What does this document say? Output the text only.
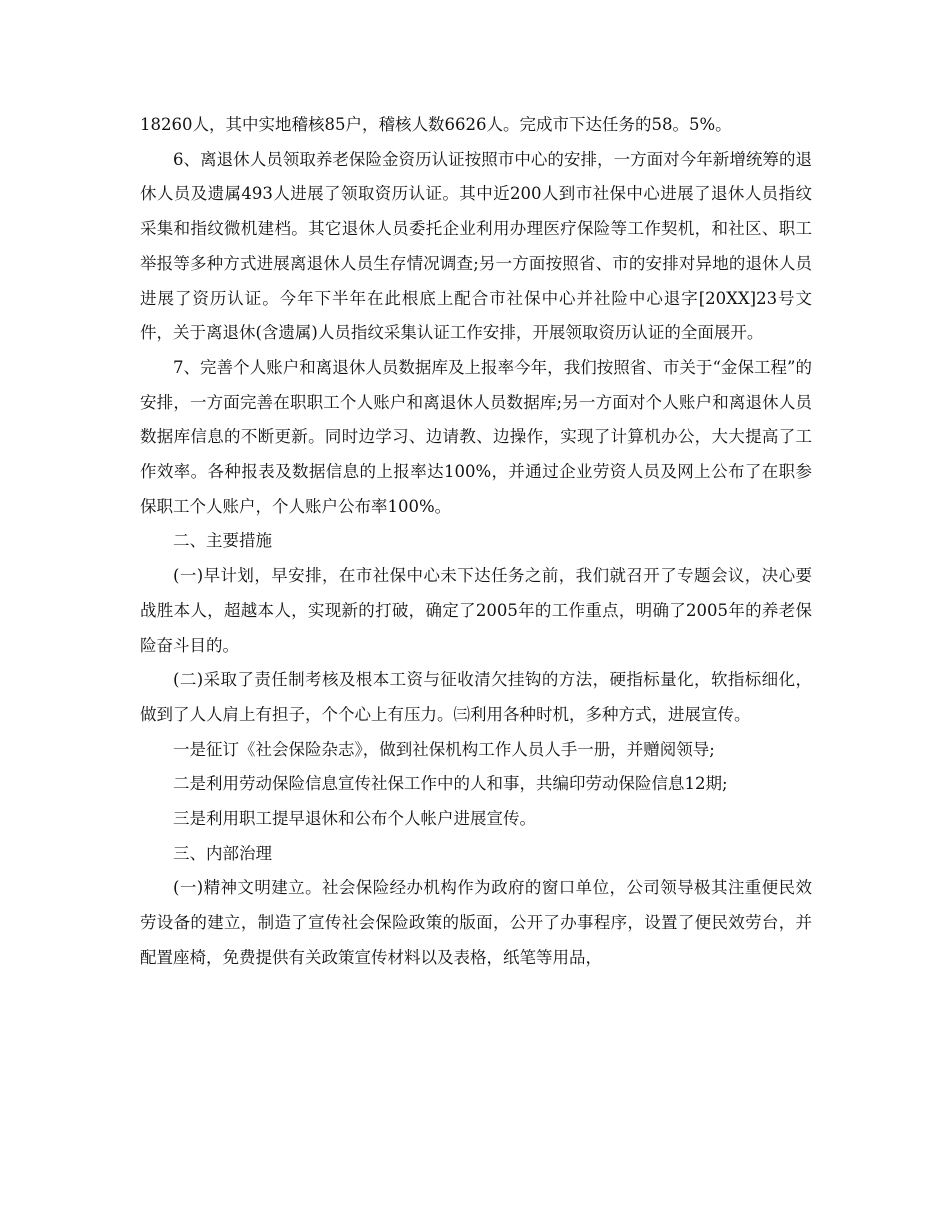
18260人，其中实地稽核85户，稽核人数6626人。完成市下达任务的58。5%。

6、离退休人员领取养老保险金资历认证按照市中心的安排，一方面对今年新增统筹的退休人员及遗属493人进展了领取资历认证。其中近200人到市社保中心进展了退休人员指纹采集和指纹微机建档。其它退休人员委托企业利用办理医疗保险等工作契机，和社区、职工举报等多种方式进展离退休人员生存情况调查;另一方面按照省、市的安排对异地的退休人员进展了资历认证。今年下半年在此根底上配合市社保中心并社险中心退字[20XX]23号文件，关于离退休(含遗属)人员指纹采集认证工作安排，开展领取资历认证的全面展开。

7、完善个人账户和离退休人员数据库及上报率今年，我们按照省、市关于“金保工程”的安排，一方面完善在职职工个人账户和离退休人员数据库;另一方面对个人账户和离退休人员数据库信息的不断更新。同时边学习、边请教、边操作，实现了计算机办公，大大提高了工作效率。各种报表及数据信息的上报率达100%，并通过企业劳资人员及网上公布了在职参保职工个人账户，个人账户公布率100%。

二、主要措施

(一)早计划，早安排，在市社保中心未下达任务之前，我们就召开了专题会议，决心要战胜本人，超越本人，实现新的打破，确定了2005年的工作重点，明确了2005年的养老保险奋斗目的。

(二)采取了责任制考核及根本工资与征收清欠挂钩的方法，硬指标量化，软指标细化，做到了人人肩上有担子，个个心上有压力。㈢利用各种时机，多种方式，进展宣传。

一是征订《社会保险杂志》，做到社保机构工作人员人手一册，并赠阅领导;

二是利用劳动保险信息宣传社保工作中的人和事，共编印劳动保险信息12期;

三是利用职工提早退休和公布个人帐户进展宣传。

三、内部治理

(一)精神文明建立。社会保险经办机构作为政府的窗口单位，公司领导极其注重便民效劳设备的建立，制造了宣传社会保险政策的版面，公开了办事程序，设置了便民效劳台，并配置座椅，免费提供有关政策宣传材料以及表格，纸笔等用品，
